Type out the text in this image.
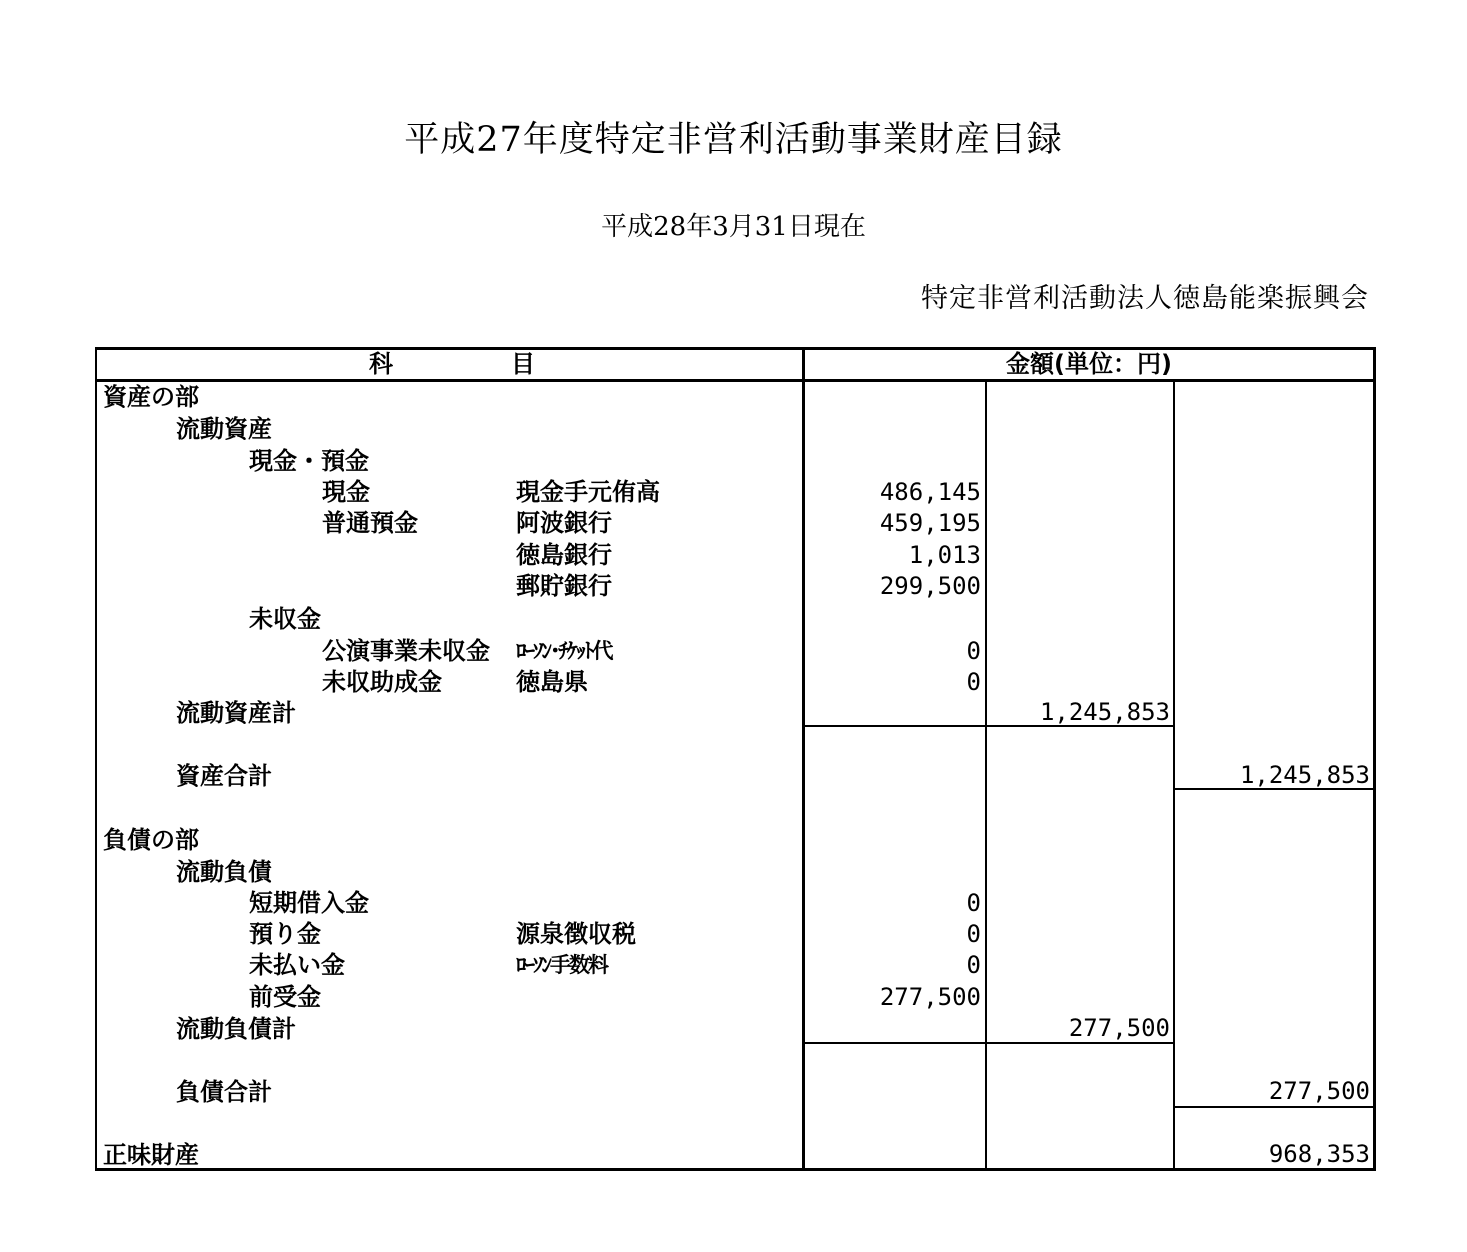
平成27年度特定非営利活動事業財産目録
平成28年3月31日現在
特定非営利活動法人徳島能楽振興会
科	目	金額(単位：円)
資産の部
流動資産
現金・預金
現金	現金手元侑高	486,145
普通預金	阿波銀行	459,195
徳島銀行	1,013
郵貯銀行	299,500
未収金
公演事業未収金 ﾛｰｿﾝ･ﾁｹｯﾄ代	0
未収助成金	徳島県	0
流動資産計	1,245,853
資産合計	1,245,853
負債の部
流動負債
短期借入金	0
預り金	源泉徴収税	0
未払い金	ﾛｰｿﾝ手数料	0
前受金	277,500
流動負債計	277,500
負債合計	277,500
正味財産	968,353
